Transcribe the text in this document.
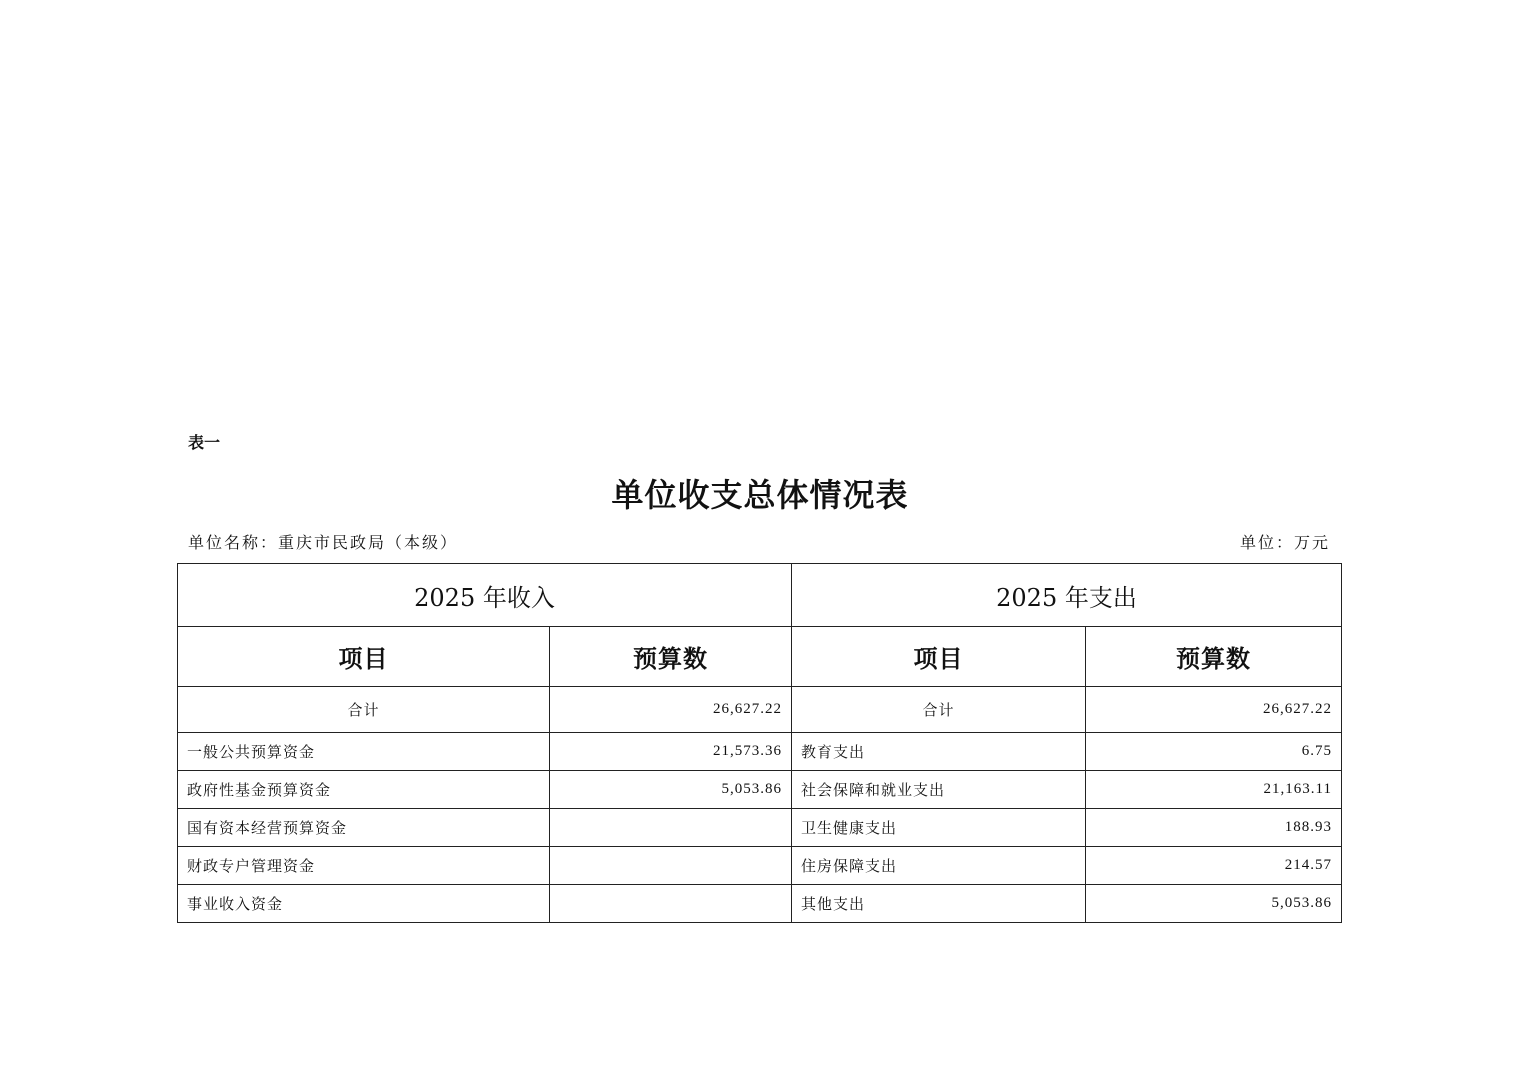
表一
单位收支总体情况表
单位名称：重庆市民政局（本级）	单位：万元
2025 年收入		2025 年支出	
项目	预算数	项目	预算数
合计	26,627.22	合计	26,627.22
一般公共预算资金	21,573.36	教育支出	6.75
政府性基金预算资金	5,053.86	社会保障和就业支出	21,163.11
国有资本经营预算资金		卫生健康支出	188.93
财政专户管理资金		住房保障支出	214.57
事业收入资金		其他支出	5,053.86
